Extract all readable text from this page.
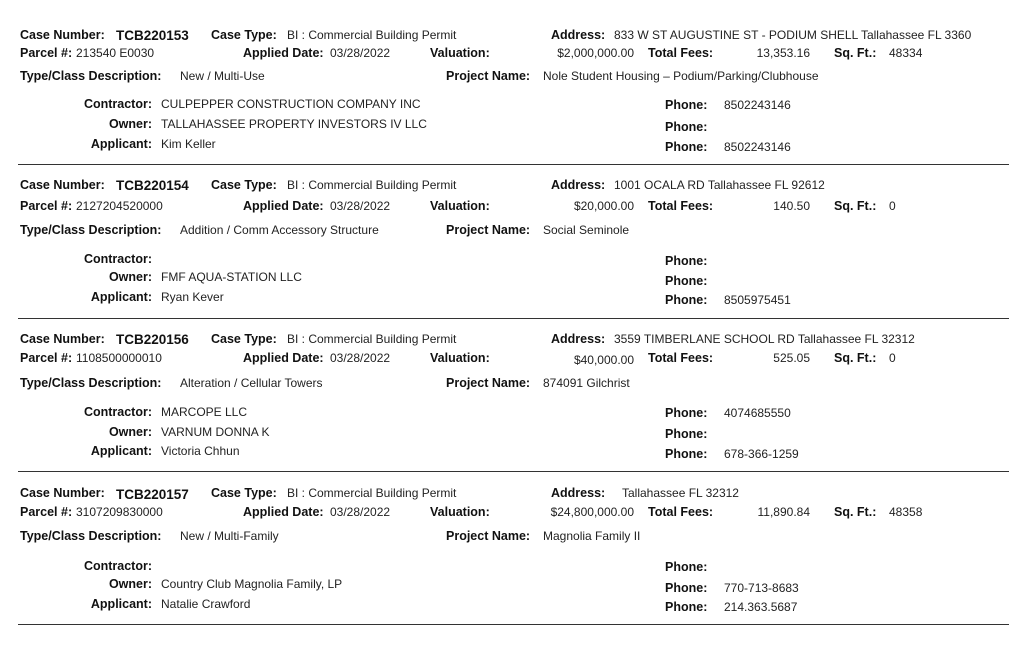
Case Number: TCB220153 Case Type: BI : Commercial Building Permit	Address: 833 W ST AUGUSTINE ST - PODIUM SHELL Tallahassee FL 3360
Parcel #: 213540 E0030	Applied Date: 03/28/2022	Valuation:	$2,000,000.00 Total Fees:	13,353.16 Sq. Ft.: 48334
Type/Class Description: New / Multi-Use	Project Name: Nole Student Housing – Podium/Parking/Clubhouse
Contractor: CULPEPPER CONSTRUCTION COMPANY INC	Phone: 8502243146
Owner: TALLAHASSEE PROPERTY INVESTORS IV LLC	Phone:
Applicant: Kim Keller	Phone: 8502243146
Case Number: TCB220154 Case Type: BI : Commercial Building Permit	Address: 1001 OCALA RD Tallahassee FL 92612
Parcel #: 2127204520000	Applied Date: 03/28/2022	Valuation:	$20,000.00 Total Fees:	140.50 Sq. Ft.: 0
Type/Class Description: Addition / Comm Accessory Structure	Project Name: Social Seminole
Contractor:	Phone:
Owner: FMF AQUA-STATION LLC	Phone:
Applicant: Ryan Kever	Phone: 8505975451
Case Number: TCB220156 Case Type: BI : Commercial Building Permit	Address: 3559 TIMBERLANE SCHOOL RD Tallahassee FL 32312
Parcel #: 1108500000010	Applied Date: 03/28/2022	Valuation:	$40,000.00 Total Fees:	525.05 Sq. Ft.: 0
Type/Class Description: Alteration / Cellular Towers	Project Name: 874091 Gilchrist
Contractor: MARCOPE LLC	Phone: 4074685550
Owner: VARNUM DONNA K	Phone:
Applicant: Victoria Chhun	Phone: 678-366-1259
Case Number: TCB220157 Case Type: BI : Commercial Building Permit	Address: Tallahassee FL 32312
Parcel #: 3107209830000	Applied Date: 03/28/2022	Valuation:	$24,800,000.00 Total Fees:	11,890.84 Sq. Ft.: 48358
Type/Class Description: New / Multi-Family	Project Name: Magnolia Family II
Contractor:	Phone:
Owner: Country Club Magnolia Family, LP	Phone: 770-713-8683
Applicant: Natalie Crawford	Phone: 214.363.5687
